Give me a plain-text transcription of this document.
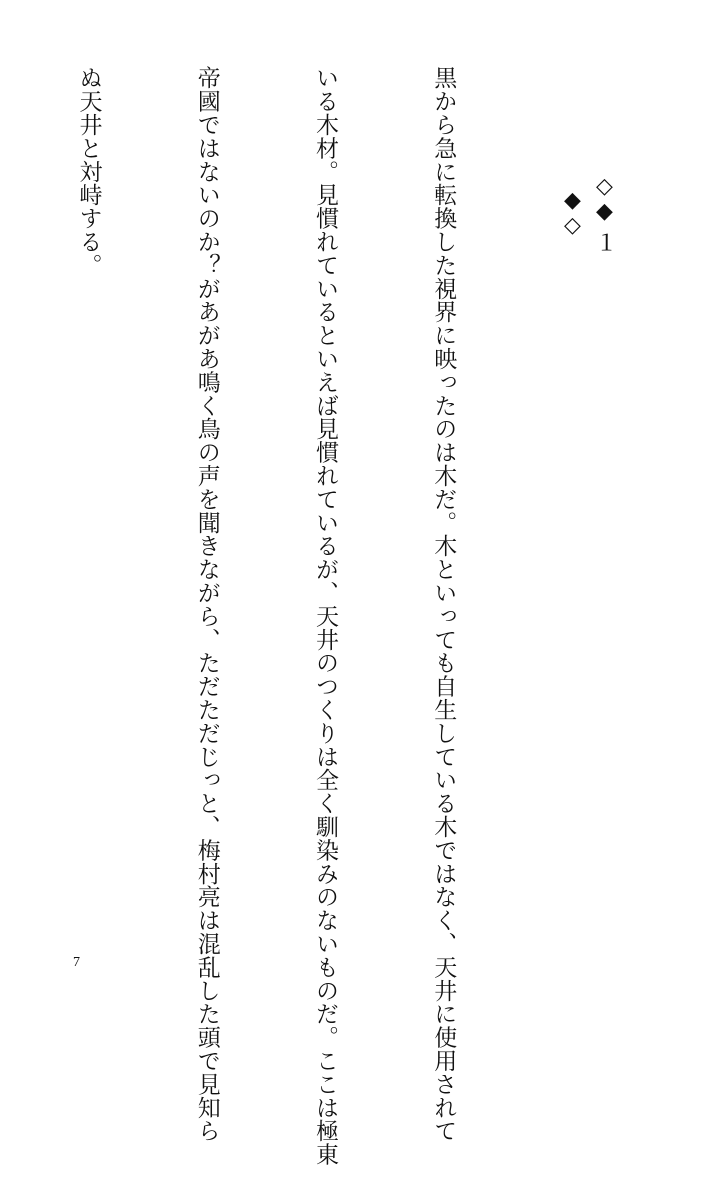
◇◆ １ ◆◇

黒から急に転換した視界に映ったのは木だ。木といっても自生している木ではなく、天井に使用されて

いる木材。見慣れているといえば見慣れているが、天井のつくりは全く馴染みのないものだ。ここは極東

帝國ではないのか？があがあ鳴く鳥の声を聞きながら、ただただじっと、梅村亮は混乱した頭で見知ら

ぬ天井と対峙する。

7
